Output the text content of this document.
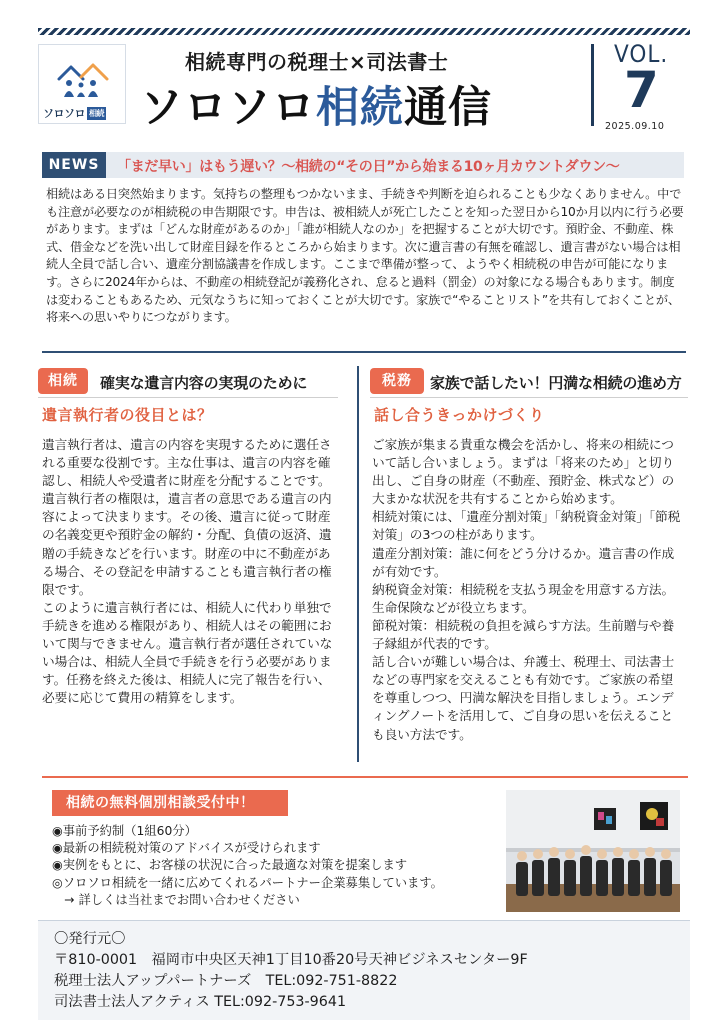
ソロソロ 相続
相続専門の税理士×司法書士
ソロソロ相続通信
VOL.
7
2025.09.10
NEWS	「まだ早い」はもう遅い？〜相続の“その日”から始まる10ヶ月カウントダウン〜
相続はある日突然始まります。気持ちの整理もつかないまま、手続きや判断を迫られることも少なくありません。中でも注意が必要なのが相続税の申告期限です。申告は、被相続人が死亡したことを知った翌日から10か月以内に行う必要があります。まずは「どんな財産があるのか」「誰が相続人なのか」を把握することが大切です。預貯金、不動産、株式、借金などを洗い出して財産目録を作るところから始まります。次に遺言書の有無を確認し、遺言書がない場合は相続人全員で話し合い、遺産分割協議書を作成します。ここまで準備が整って、ようやく相続税の申告が可能になります。さらに2024年からは、不動産の相続登記が義務化され、怠ると過料（罰金）の対象になる場合もあります。制度は変わることもあるため、元気なうちに知っておくことが大切です。家族で“やることリスト”を共有しておくことが、将来への思いやりにつながります。
相続	確実な遺言内容の実現のために
遺言執行者の役目とは？
遺言執行者は、遺言の内容を実現するために選任される重要な役割です。主な仕事は、遺言の内容を確認し、相続人や受遺者に財産を分配することです。遺言執行者の権限は，遺言者の意思である遺言の内容によって決まります。その後、遺言に従って財産の名義変更や預貯金の解約・分配、負債の返済、遺贈の手続きなどを行います。財産の中に不動産がある場合、その登記を申請することも遺言執行者の権限です。
このように遺言執行者には、相続人に代わり単独で手続きを進める権限があり、相続人はその範囲において関与できません。遺言執行者が選任されていない場合は、相続人全員で手続きを行う必要があります。任務を終えた後は、相続人に完了報告を行い、必要に応じて費用の精算をします。
税務	家族で話したい！円満な相続の進め方
話し合うきっかけづくり
ご家族が集まる貴重な機会を活かし、将来の相続について話し合いましょう。まずは「将来のため」と切り出し、ご自身の財産（不動産、預貯金、株式など）の大まかな状況を共有することから始めます。
相続対策には、「遺産分割対策」「納税資金対策」「節税対策」の3つの柱があります。
遺産分割対策：誰に何をどう分けるか。遺言書の作成が有効です。
納税資金対策：相続税を支払う現金を用意する方法。生命保険などが役立ちます。
節税対策：相続税の負担を減らす方法。生前贈与や養子縁組が代表的です。
話し合いが難しい場合は、弁護士、税理士、司法書士などの専門家を交えることも有効です。ご家族の希望を尊重しつつ、円満な解決を目指しましょう。エンディングノートを活用して、ご自身の思いを伝えることも良い方法です。
相続の無料個別相談受付中！
◉事前予約制（1組60分）
◉最新の相続税対策のアドバイスが受けられます
◉実例をもとに、お客様の状況に合った最適な対策を提案します
◎ソロソロ相続を一緒に広めてくれるパートナー企業募集しています。
　→ 詳しくは当社までお問い合わせください
〇発行元〇
〒810-0001　福岡市中央区天神1丁目10番20号天神ビジネスセンター9F
税理士法人アップパートナーズ　TEL:092-751-8822
司法書士法人アクティス TEL:092-753-9641
